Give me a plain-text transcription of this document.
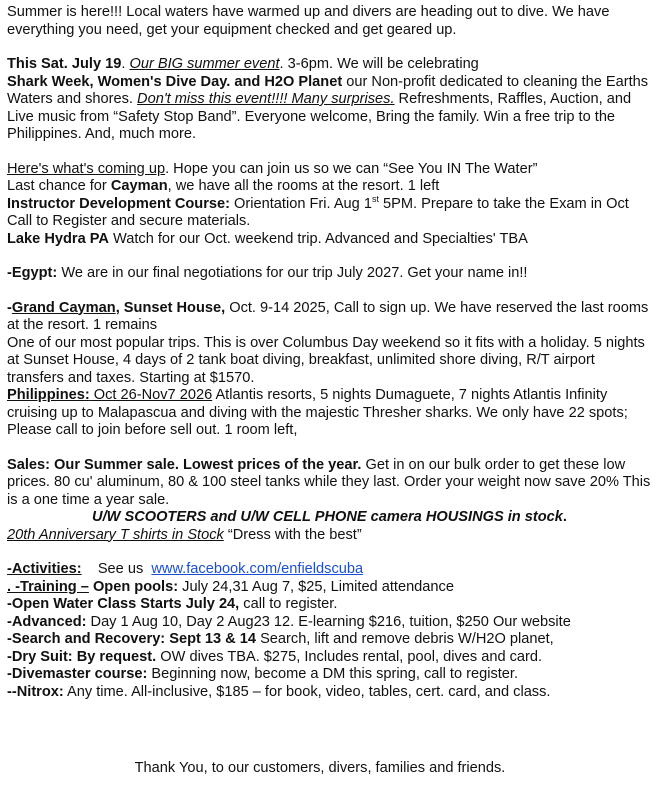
Summer is here!!! Local waters have warmed up and divers are heading out to dive. We have everything you need, get your equipment checked and get geared up.

This Sat. July 19. Our BIG summer event. 3-6pm. We will be celebrating
Shark Week, Women's Dive Day. and H2O Planet our Non-profit dedicated to cleaning the Earths Waters and shores. Don't miss this event!!!! Many surprises. Refreshments, Raffles, Auction, and Live music from “Safety Stop Band”. Everyone welcome, Bring the family. Win a free trip to the Philippines. And, much more.

Here's what's coming up. Hope you can join us so we can “See You IN The Water”

Last chance for Cayman, we have all the rooms at the resort. 1 left

Instructor Development Course: Orientation Fri. Aug 1st 5PM. Prepare to take the Exam in Oct Call to Register and secure materials.

Lake Hydra PA Watch for our Oct. weekend trip. Advanced and Specialties' TBA

-Egypt: We are in our final negotiations for our trip July 2027. Get your name in!!

-Grand Cayman, Sunset House, Oct. 9-14 2025, Call to sign up. We have reserved the last rooms at the resort. 1 remains

One of our most popular trips. This is over Columbus Day weekend so it fits with a holiday. 5 nights at Sunset House, 4 days of 2 tank boat diving, breakfast, unlimited shore diving, R/T airport transfers and taxes. Starting at $1570.

Philippines: Oct 26-Nov7 2026 Atlantis resorts, 5 nights Dumaguete, 7 nights Atlantis Infinity cruising up to Malapascua and diving with the majestic Thresher sharks. We only have 22 spots; Please call to join before sell out. 1 room left,

Sales: Our Summer sale. Lowest prices of the year. Get in on our bulk order to get these low prices. 80 cu' aluminum, 80 & 100 steel tanks while they last. Order your weight now save 20% This is a one time a year sale.

U/W SCOOTERS and U/W CELL PHONE camera HOUSINGS in stock.

20th Anniversary T shirts in Stock “Dress with the best”

-Activities:    See us  www.facebook.com/enfieldscuba

. -Training – Open pools: July 24,31 Aug 7, $25, Limited attendance

-Open Water Class Starts July 24, call to register.

-Advanced: Day 1 Aug 10, Day 2 Aug23 12. E-learning $216, tuition, $250 Our website

-Search and Recovery: Sept 13 & 14 Search, lift and remove debris W/H2O planet,

-Dry Suit: By request. OW dives TBA. $275, Includes rental, pool, dives and card.

-Divemaster course: Beginning now, become a DM this spring, call to register.

--Nitrox: Any time. All-inclusive, $185 – for book, video, tables, cert. card, and class.

Thank You, to our customers, divers, families and friends.
